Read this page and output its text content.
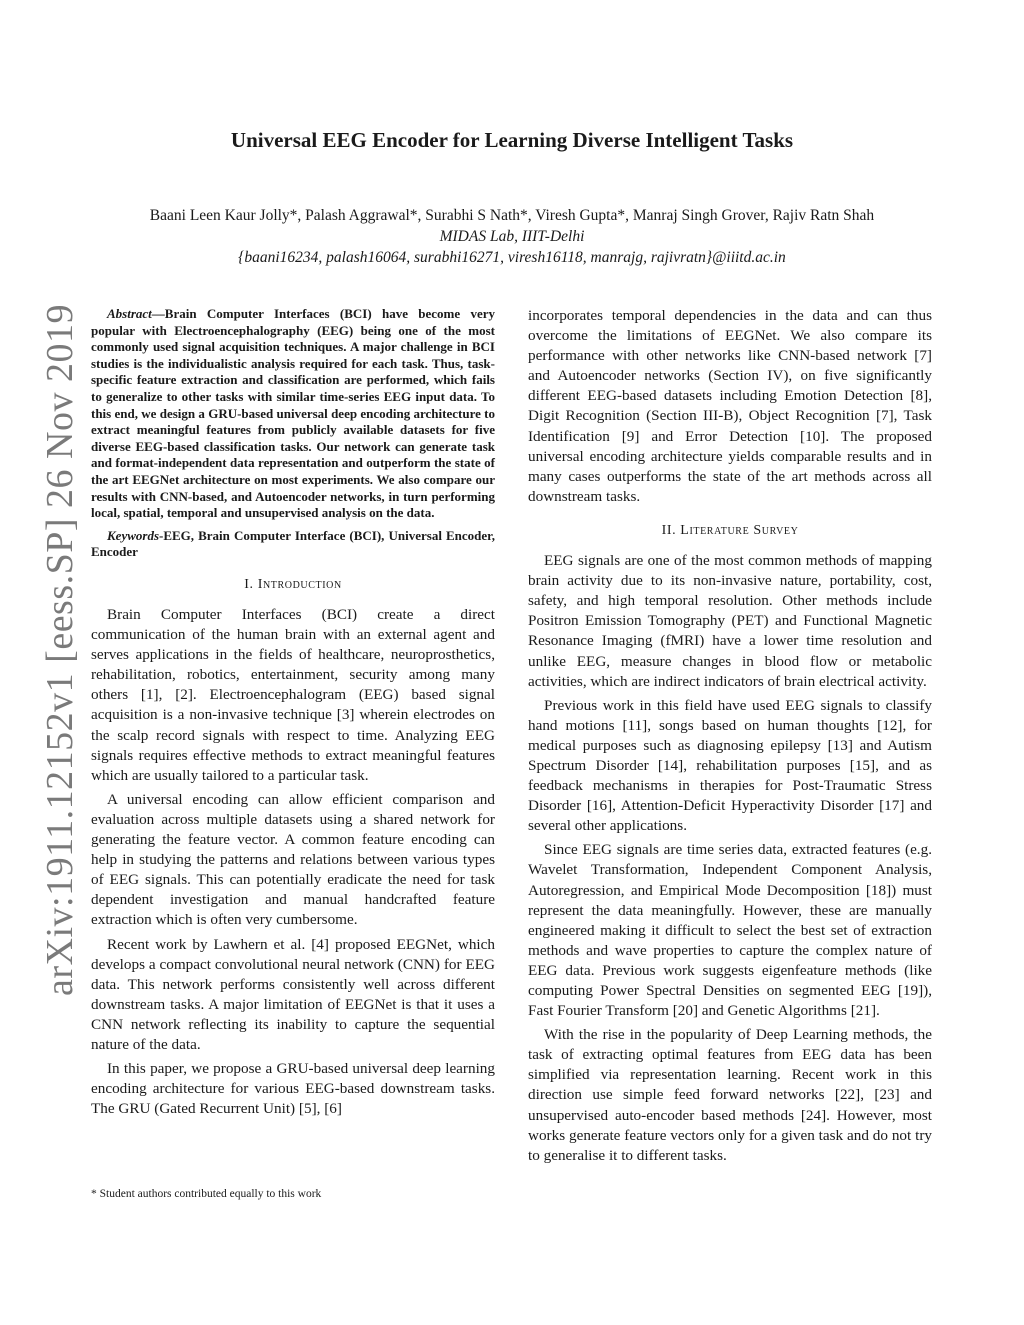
arXiv:1911.12152v1 [eess.SP] 26 Nov 2019
Universal EEG Encoder for Learning Diverse Intelligent Tasks
Baani Leen Kaur Jolly*, Palash Aggrawal*, Surabhi S Nath*, Viresh Gupta*, Manraj Singh Grover, Rajiv Ratn Shah
MIDAS Lab, IIIT-Delhi
{baani16234, palash16064, surabhi16271, viresh16118, manrajg, rajivratn}@iiitd.ac.in
Abstract—Brain Computer Interfaces (BCI) have become very popular with Electroencephalography (EEG) being one of the most commonly used signal acquisition techniques. A major challenge in BCI studies is the individualistic analysis required for each task. Thus, task-specific feature extraction and classification are performed, which fails to generalize to other tasks with similar time-series EEG input data. To this end, we design a GRU-based universal deep encoding architecture to extract meaningful features from publicly available datasets for five diverse EEG-based classification tasks. Our network can generate task and format-independent data representation and outperform the state of the art EEGNet architecture on most experiments. We also compare our results with CNN-based, and Autoencoder networks, in turn performing local, spatial, temporal and unsupervised analysis on the data.
Keywords-EEG, Brain Computer Interface (BCI), Universal Encoder, Encoder
I. Introduction

Brain Computer Interfaces (BCI) create a direct communication of the human brain with an external agent and serves applications in the fields of healthcare, neuroprosthetics, rehabilitation, robotics, entertainment, security among many others [1], [2]. Electroencephalogram (EEG) based signal acquisition is a non-invasive technique [3] wherein electrodes on the scalp record signals with respect to time. Analyzing EEG signals requires effective methods to extract meaningful features which are usually tailored to a particular task.

A universal encoding can allow efficient comparison and evaluation across multiple datasets using a shared network for generating the feature vector. A common feature encoding can help in studying the patterns and relations between various types of EEG signals. This can potentially eradicate the need for task dependent investigation and manual handcrafted feature extraction which is often very cumbersome.

Recent work by Lawhern et al. [4] proposed EEGNet, which develops a compact convolutional neural network (CNN) for EEG data. This network performs consistently well across different downstream tasks. A major limitation of EEGNet is that it uses a CNN network reflecting its inability to capture the sequential nature of the data.

In this paper, we propose a GRU-based universal deep learning encoding architecture for various EEG-based downstream tasks. The GRU (Gated Recurrent Unit) [5], [6]

incorporates temporal dependencies in the data and can thus overcome the limitations of EEGNet. We also compare its performance with other networks like CNN-based network [7] and Autoencoder networks (Section IV), on five significantly different EEG-based datasets including Emotion Detection [8], Digit Recognition (Section III-B), Object Recognition [7], Task Identification [9] and Error Detection [10]. The proposed universal encoding architecture yields comparable results and in many cases outperforms the state of the art methods across all downstream tasks.

II. Literature Survey

EEG signals are one of the most common methods of mapping brain activity due to its non-invasive nature, portability, cost, safety, and high temporal resolution. Other methods include Positron Emission Tomography (PET) and Functional Magnetic Resonance Imaging (fMRI) have a lower time resolution and unlike EEG, measure changes in blood flow or metabolic activities, which are indirect indicators of brain electrical activity.

Previous work in this field have used EEG signals to classify hand motions [11], songs based on human thoughts [12], for medical purposes such as diagnosing epilepsy [13] and Autism Spectrum Disorder [14], rehabilitation purposes [15], and as feedback mechanisms in therapies for Post-Traumatic Stress Disorder [16], Attention-Deficit Hyperactivity Disorder [17] and several other applications.

Since EEG signals are time series data, extracted features (e.g. Wavelet Transformation, Independent Component Analysis, Autoregression, and Empirical Mode Decomposition [18]) must represent the data meaningfully. However, these are manually engineered making it difficult to select the best set of extraction methods and wave properties to capture the complex nature of EEG data. Previous work suggests eigenfeature methods (like computing Power Spectral Densities on segmented EEG [19]), Fast Fourier Transform [20] and Genetic Algorithms [21].

With the rise in the popularity of Deep Learning methods, the task of extracting optimal features from EEG data has been simplified via representation learning. Recent work in this direction use simple feed forward networks [22], [23] and unsupervised auto-encoder based methods [24]. However, most works generate feature vectors only for a given task and do not try to generalise it to different tasks.

* Student authors contributed equally to this work
